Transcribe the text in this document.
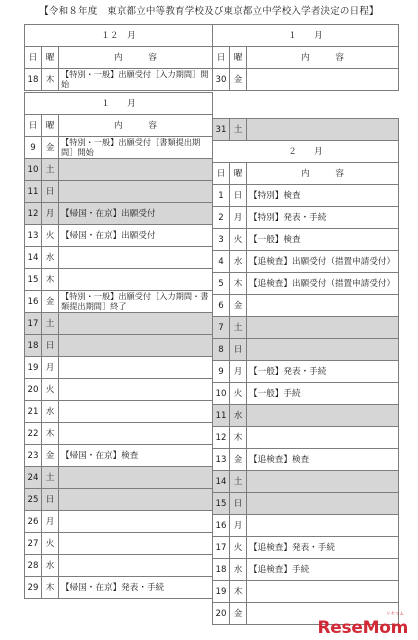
【令和８年度　東京都立中等教育学校及び東京都立中学校入学者決定の日程】
１２　月			１　　月		
日	曜	内　　　容	日	曜	内　　　容
18	木	【特別・一般】出願受付［入力期間］開始	30	金	
１　　月		
日	曜	内　　　容
9	金	【特別・一般】出願受付［書類提出期間］開始
10	土	
11	日	
12	月	【帰国・在京】出願受付
13	火	【帰国・在京】出願受付
14	水	
15	木	
16	金	【特別・一般】出願受付［入力期間・書類提出期間］終了
17	土	
18	日	
19	月	
20	火	
21	水	
22	木	
23	金	【帰国・在京】検査
24	土	
25	日	
26	月	
27	火	
28	水	
29	木	【帰国・在京】発表・手続
31	土	
２　　月		
日	曜	内　　　容
1	日	【特別】検査
2	月	【特別】発表・手続
3	火	【一般】検査
4	水	【追検査】出願受付（措置申請受付）
5	木	【追検査】出願受付（措置申請受付）
6	金	
7	土	
8	日	
9	月	【一般】発表・手続
10	火	【一般】手続
11	水	
12	木	
13	金	【追検査】検査
14	土	
15	日	
16	月	
17	火	【追検査】発表・手続
18	水	【追検査】手続
19	木	
20	金		リセマム
ReseMom
